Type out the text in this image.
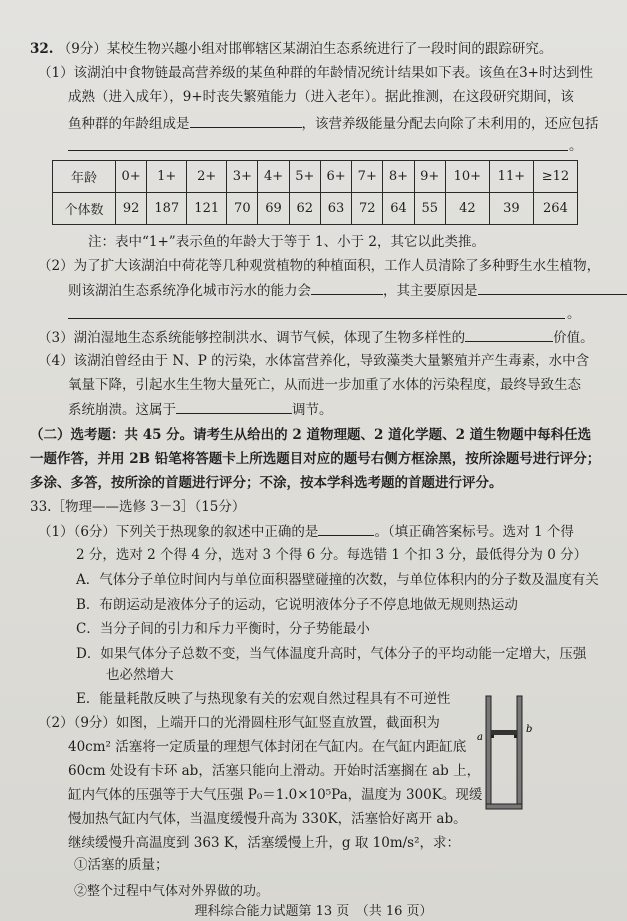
32. （9分）某校生物兴趣小组对邯郸辖区某湖泊生态系统进行了一段时间的跟踪研究。
（1）该湖泊中食物链最高营养级的某鱼种群的年龄情况统计结果如下表。该鱼在3+时达到性
成熟（进入成年），9+时丧失繁殖能力（进入老年）。据此推测，在这段研究期间，该
鱼种群的年龄组成是	，该营养级能量分配去向除了未利用的，还应包括
。
年龄	0+	1+	2+	3+	4+	5+	6+	7+	8+	9+	10+	11+	≥12
个体数	92	187	121	70	69	62	63	72	64	55	42	39	264
注：表中“1+”表示鱼的年龄大于等于 1、小于 2，其它以此类推。
（2）为了扩大该湖泊中荷花等几种观赏植物的种植面积，工作人员清除了多种野生水生植物，
则该湖泊生态系统净化城市污水的能力会	，其主要原因是
。
（3）湖泊湿地生态系统能够控制洪水、调节气候，体现了生物多样性的	价值。
（4）该湖泊曾经由于 N、P 的污染，水体富营养化，导致藻类大量繁殖并产生毒素，水中含
氧量下降，引起水生生物大量死亡，从而进一步加重了水体的污染程度，最终导致生态
系统崩溃。这属于	调节。
（二）选考题：共 45 分。请考生从给出的 2 道物理题、2 道化学题、2 道生物题中每科任选
一题作答，并用 2B 铅笔将答题卡上所选题目对应的题号右侧方框涂黑，按所涂题号进行评分；
多涂、多答，按所涂的首题进行评分；不涂，按本学科选考题的首题进行评分。
33.［物理——选修 3－3］（15分）
（1）（6分）下列关于热现象的叙述中正确的是	。（填正确答案标号。选对 1 个得
2 分，选对 2 个得 4 分，选对 3 个得 6 分。每选错 1 个扣 3 分，最低得分为 0 分）
A．气体分子单位时间内与单位面积器壁碰撞的次数，与单位体积内的分子数及温度有关
B．布朗运动是液体分子的运动，它说明液体分子不停息地做无规则热运动
C．当分子间的引力和斥力平衡时，分子势能最小
D．如果气体分子总数不变，当气体温度升高时，气体分子的平均动能一定增大，压强
也必然增大
E．能量耗散反映了与热现象有关的宏观自然过程具有不可逆性
（2）（9分）如图，上端开口的光滑圆柱形气缸竖直放置，截面积为
40cm² 活塞将一定质量的理想气体封闭在气缸内。在气缸内距缸底
60cm 处设有卡环 ab，活塞只能向上滑动。开始时活塞搁在 ab 上，
缸内气体的压强等于大气压强 P₀＝1.0×10⁵Pa，温度为 300K。现缓
慢加热气缸内气体，当温度缓慢升高为 330K，活塞恰好离开 ab。
继续缓慢升高温度到 363 K，活塞缓慢上升，g 取 10m/s²，求：
①活塞的质量；
a
b
②整个过程中气体对外界做的功。
理科综合能力试题第 13 页　（共 16 页）
